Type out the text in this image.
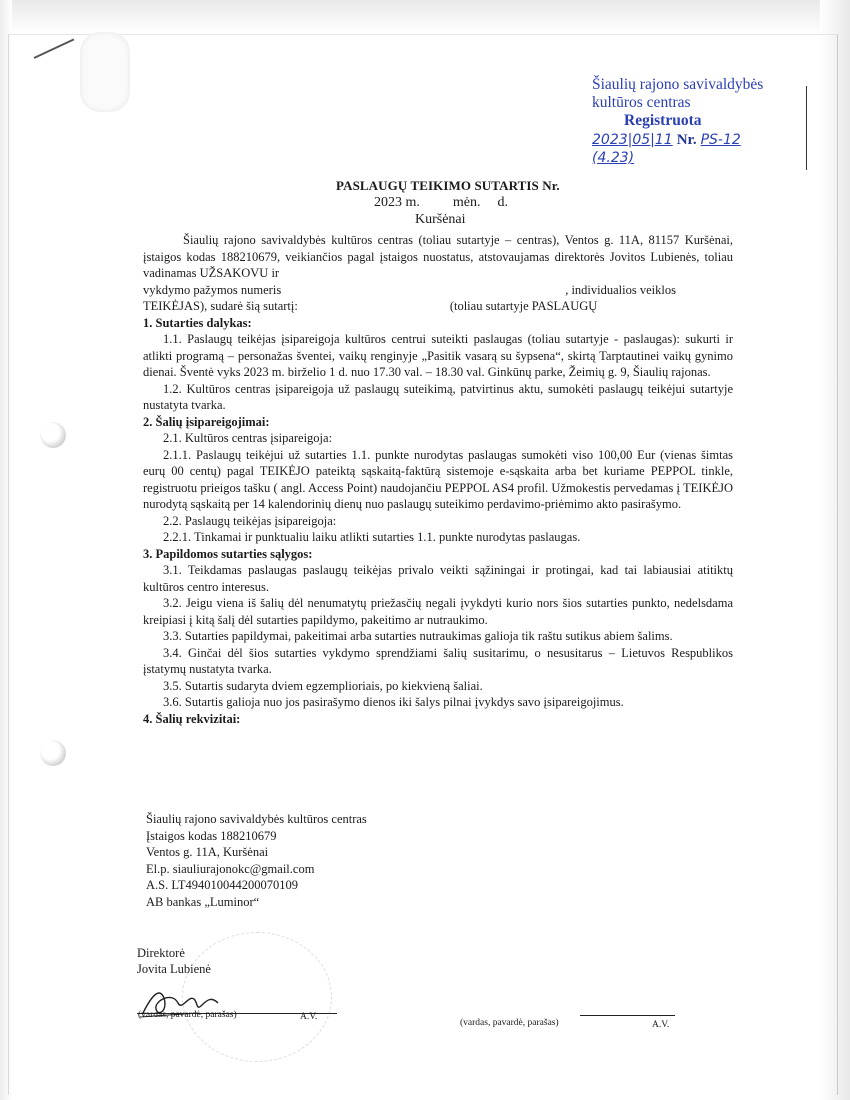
Šiaulių rajono savivaldybės
kultūros centras
Registruota
2023|05|11 Nr. PS-12 (4.23)
PASLAUGŲ TEIKIMO SUTARTIS Nr.
2023 m. mėn. d.
Kuršėnai

Šiaulių rajono savivaldybės kultūros centras (toliau sutartyje – centras), Ventos g. 11A, 81157 Kuršėnai, įstaigos kodas 188210679, veikiančios pagal įstaigos nuostatus, atstovaujamas direktorės Jovitos Lubienės, toliau vadinamas UŽSAKOVU ir

vykdymo pažymos numeris	, individualios veiklos

TEIKĖJAS), sudarė šią sutartį:	(toliau sutartyje PASLAUGŲ

1. Sutarties dalykas:

1.1. Paslaugų teikėjas įsipareigoja kultūros centrui suteikti paslaugas (toliau sutartyje - paslaugas): sukurti ir atlikti programą – personažas šventei, vaikų renginyje „Pasitik vasarą su šypsena“, skirtą Tarptautinei vaikų gynimo dienai. Šventė vyks 2023 m. birželio 1 d. nuo 17.30 val. – 18.30 val. Ginkūnų parke, Žeimių g. 9, Šiaulių rajonas.

1.2. Kultūros centras įsipareigoja už paslaugų suteikimą, patvirtinus aktu, sumokėti paslaugų teikėjui sutartyje nustatyta tvarka.

2. Šalių įsipareigojimai:

2.1. Kultūros centras įsipareigoja:

2.1.1. Paslaugų teikėjui už sutarties 1.1. punkte nurodytas paslaugas sumokėti viso 100,00 Eur (vienas šimtas eurų 00 centų) pagal TEIKĖJO pateiktą sąskaitą-faktūrą sistemoje e-sąskaita arba bet kuriame PEPPOL tinkle, registruotu prieigos tašku ( angl. Access Point) naudojančiu PEPPOL AS4 profil. Užmokestis pervedamas į TEIKĖJO nurodytą sąskaitą per 14 kalendorinių dienų nuo paslaugų suteikimo perdavimo-priėmimo akto pasirašymo.

2.2. Paslaugų teikėjas įsipareigoja:

2.2.1. Tinkamai ir punktualiu laiku atlikti sutarties 1.1. punkte nurodytas paslaugas.

3. Papildomos sutarties sąlygos:

3.1. Teikdamas paslaugas paslaugų teikėjas privalo veikti sąžiningai ir protingai, kad tai labiausiai atitiktų kultūros centro interesus.

3.2. Jeigu viena iš šalių dėl nenumatytų priežasčių negali įvykdyti kurio nors šios sutarties punkto, nedelsdama kreipiasi į kitą šalį dėl sutarties papildymo, pakeitimo ar nutraukimo.

3.3. Sutarties papildymai, pakeitimai arba sutarties nutraukimas galioja tik raštu sutikus abiem šalims.

3.4. Ginčai dėl šios sutarties vykdymo sprendžiami šalių susitarimu, o nesusitarus – Lietuvos Respublikos įstatymų nustatyta tvarka.

3.5. Sutartis sudaryta dviem egzemplioriais, po kiekvieną šaliai.

3.6. Sutartis galioja nuo jos pasirašymo dienos iki šalys pilnai įvykdys savo įsipareigojimus.

4. Šalių rekvizitai:

Šiaulių rajono savivaldybės kultūros centras
Įstaigos kodas 188210679
Ventos g. 11A, Kuršėnai
El.p. siauliurajonokc@gmail.com
A.S. LT494010044200070109
AB bankas „Luminor“
Direktorė
Jovita Lubienė
(vardas, pavardė, parašas)	A.V.
(vardas, pavardė, parašas)	A.V.
